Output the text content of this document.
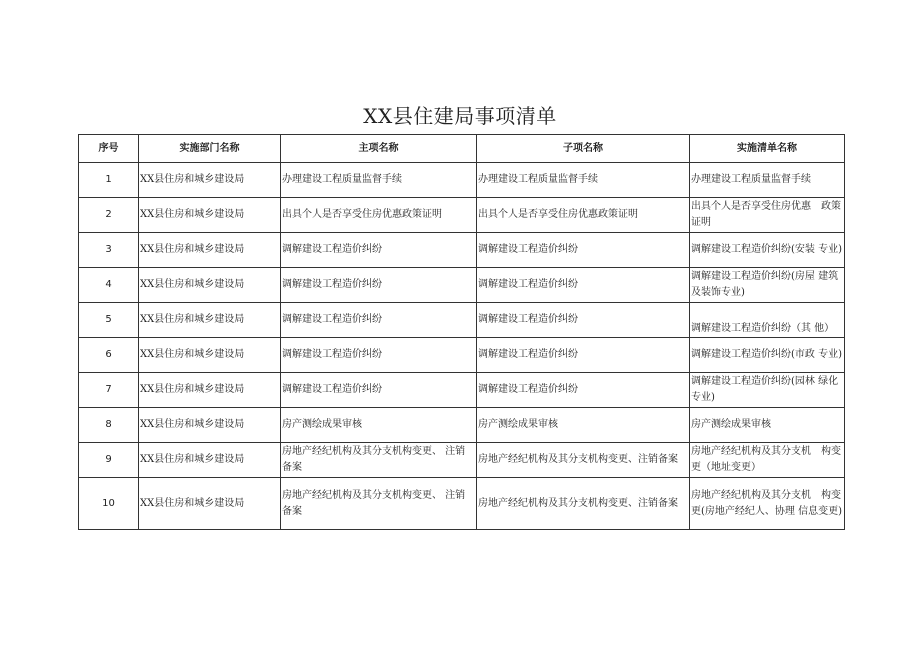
XX县住建局事项清单
序号	实施部门名称	主项名称	子项名称	实施清单名称
1	XX县住房和城乡建设局	办理建设工程质量监督手续	办理建设工程质量监督手续	办理建设工程质量监督手续
2	XX县住房和城乡建设局	出具个人是否享受住房优惠政策证明	出具个人是否享受住房优惠政策证明	出具个人是否享受住房优惠　政策证明
3	XX县住房和城乡建设局	调解建设工程造价纠纷	调解建设工程造价纠纷	调解建设工程造价纠纷(安装 专业)
4	XX县住房和城乡建设局	调解建设工程造价纠纷	调解建设工程造价纠纷	调解建设工程造价纠纷(房屋 建筑及装饰专业)
5	XX县住房和城乡建设局	调解建设工程造价纠纷	调解建设工程造价纠纷	调解建设工程造价纠纷（其 他）
6	XX县住房和城乡建设局	调解建设工程造价纠纷	调解建设工程造价纠纷	调解建设工程造价纠纷(市政 专业)
7	XX县住房和城乡建设局	调解建设工程造价纠纷	调解建设工程造价纠纷	调解建设工程造价纠纷(园林 绿化专业)
8	XX县住房和城乡建设局	房产测绘成果审核	房产测绘成果审核	房产测绘成果审核
9	XX县住房和城乡建设局	房地产经纪机构及其分支机构变更、 注销备案	房地产经纪机构及其分支机构变更、注销备案	房地产经纪机构及其分支机　构变更（地址变更）
10	XX县住房和城乡建设局	房地产经纪机构及其分支机构变更、 注销备案	房地产经纪机构及其分支机构变更、注销备案	房地产经纪机构及其分支机　构变更(房地产经纪人、协理 信息变更)
